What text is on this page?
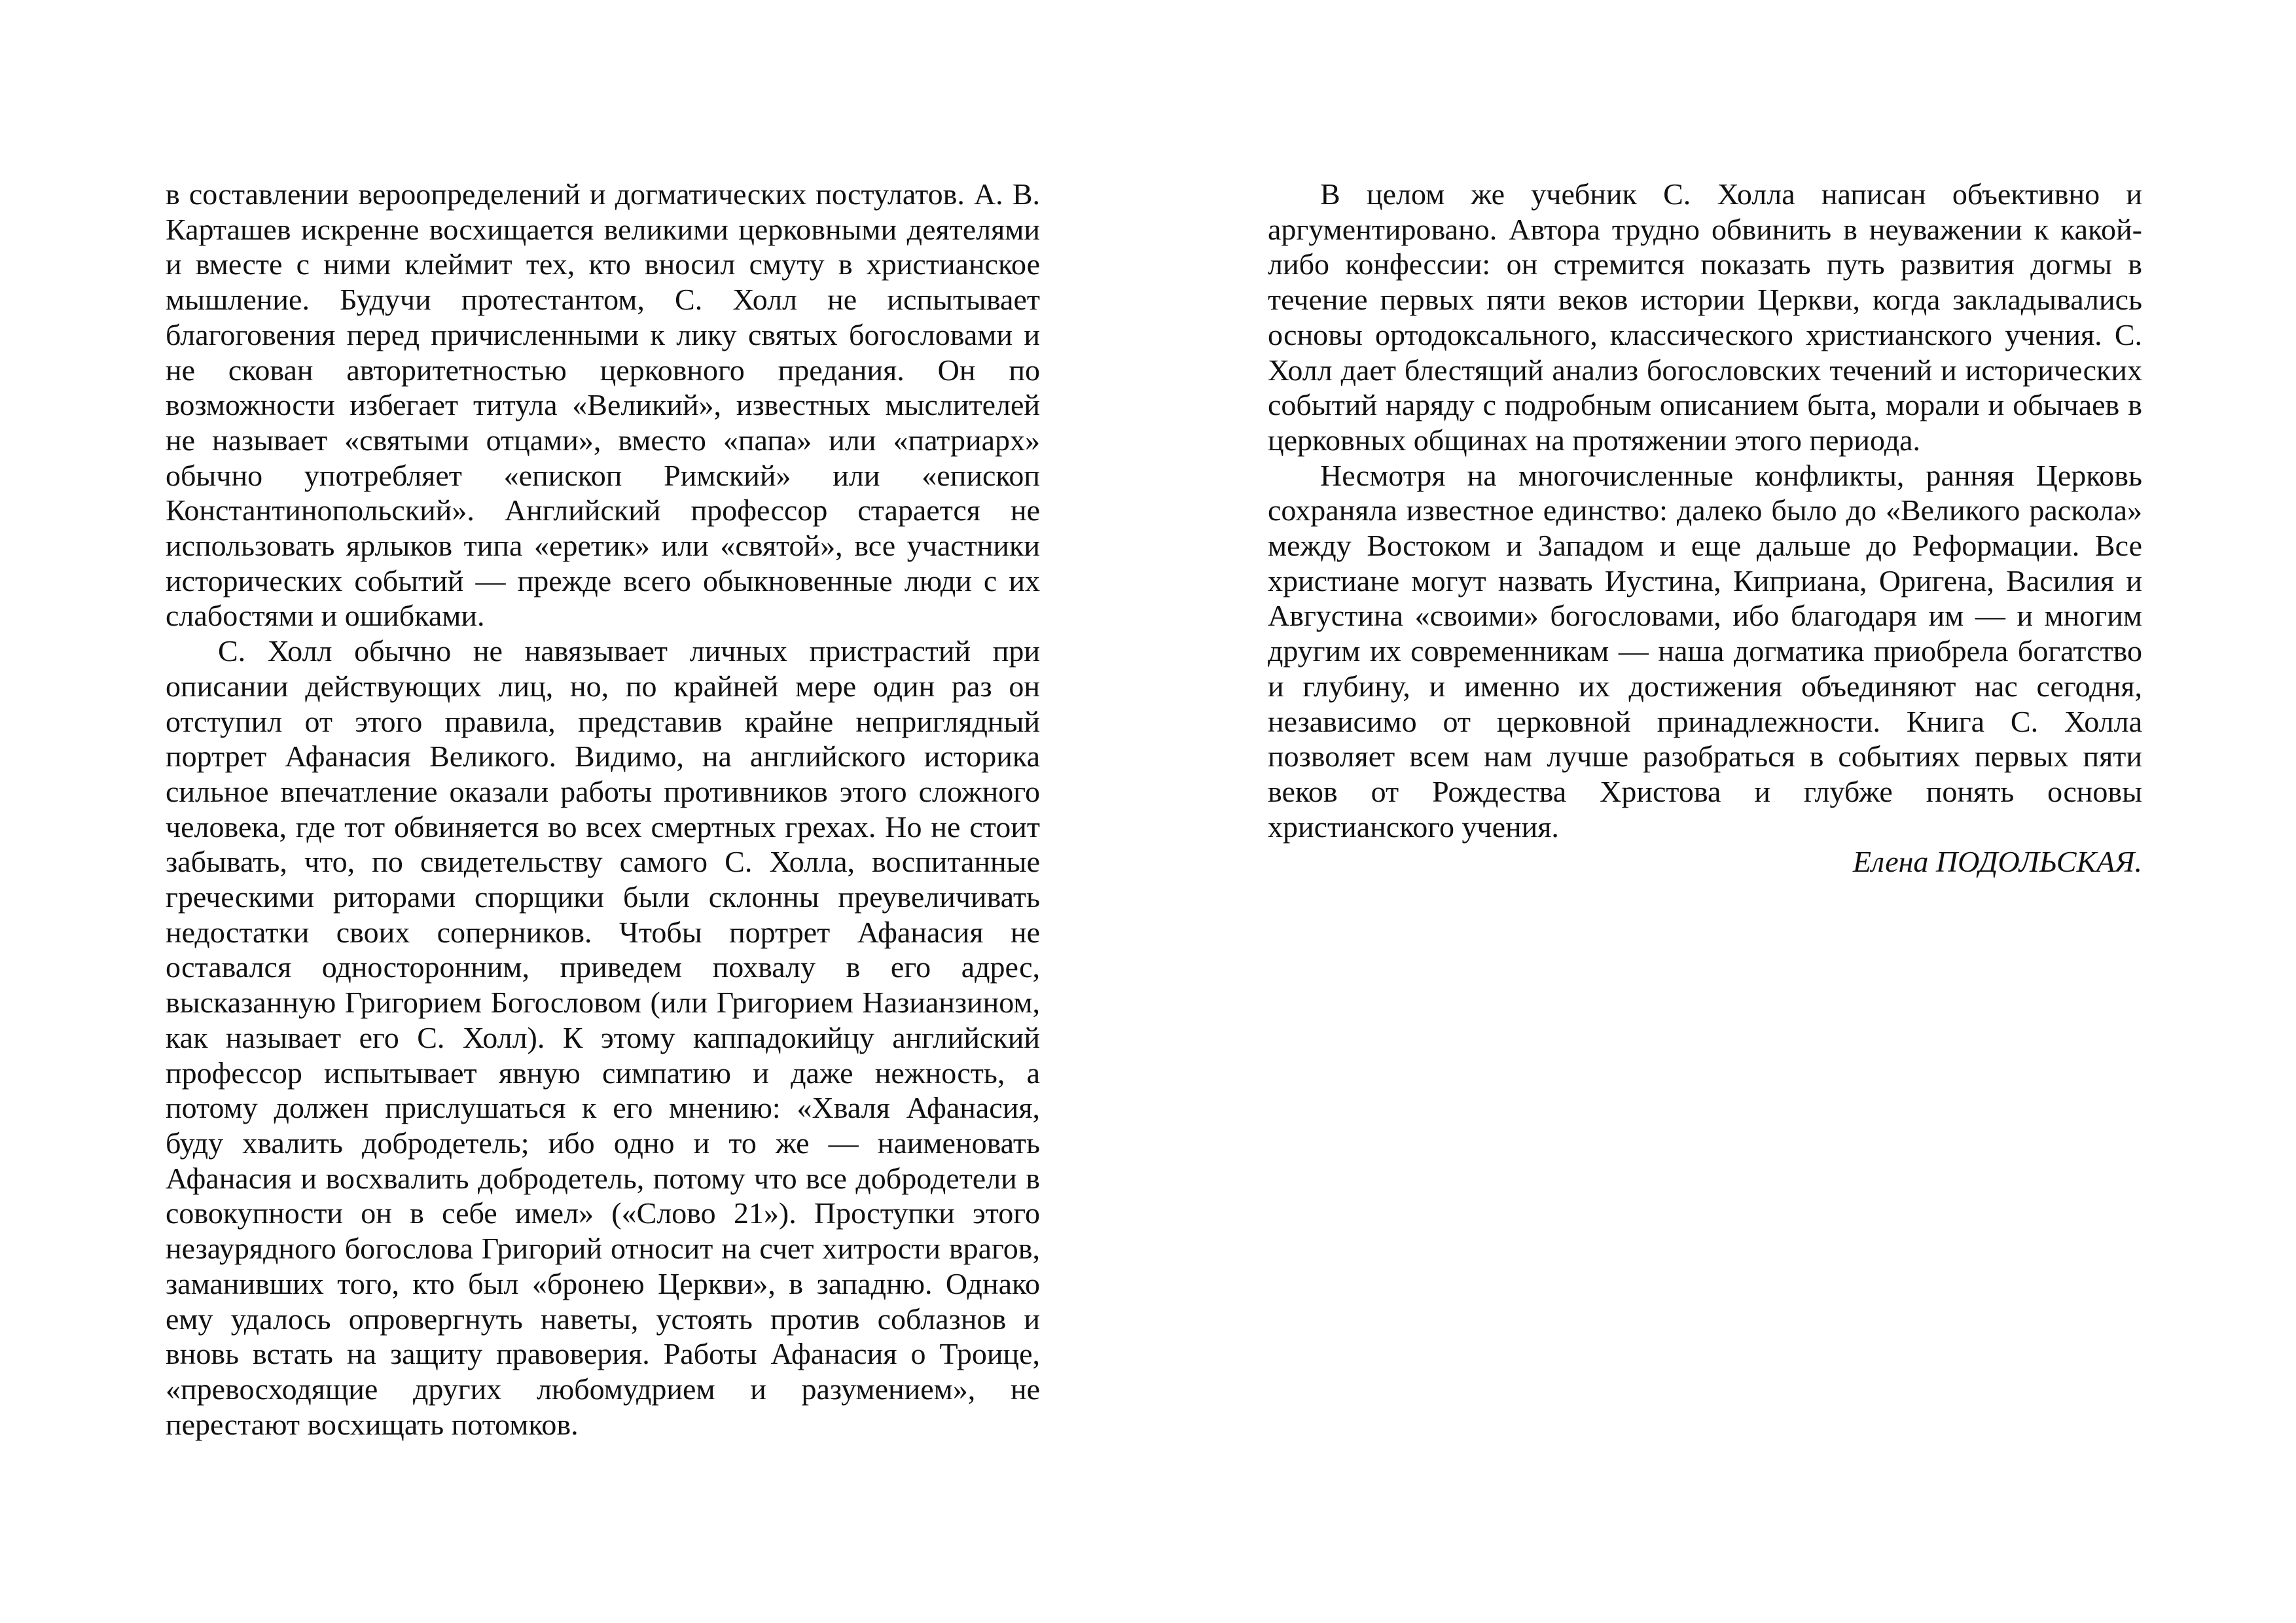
в составлении вероопределений и догматических постулатов. А. В. Карташев искренне восхищается великими церковными деятелями и вместе с ними клеймит тех, кто вносил смуту в христианское мышление. Будучи протестантом, С. Холл не испытывает благоговения перед причисленными к лику святых богословами и не скован авторитетностью церковного предания. Он по возможности избегает титула «Великий», известных мыслителей не называет «святыми отцами», вместо «папа» или «патриарх» обычно употребляет «епископ Римский» или «епископ Константинопольский». Английский профессор старается не использовать ярлыков типа «еретик» или «святой», все участники исторических событий — прежде всего обыкновенные люди с их слабостями и ошибками.

С. Холл обычно не навязывает личных пристрастий при описании действующих лиц, но, по крайней мере один раз он отступил от этого правила, представив крайне неприглядный портрет Афанасия Великого. Видимо, на английского историка сильное впечатление оказали работы противников этого сложного человека, где тот обвиняется во всех смертных грехах. Но не стоит забывать, что, по свидетельству самого С. Холла, воспитанные греческими риторами спорщики были склонны преувеличивать недостатки своих соперников. Чтобы портрет Афанасия не оставался односторонним, приведем похвалу в его адрес, высказанную Григорием Богословом (или Григорием Назианзином, как называет его С. Холл). К этому каппадокийцу английский профессор испытывает явную симпатию и даже нежность, а потому должен прислушаться к его мнению: «Хваля Афанасия, буду хвалить добродетель; ибо одно и то же — наименовать Афанасия и восхвалить добродетель, потому что все добродетели в совокупности он в себе имел» («Слово 21»). Проступки этого незаурядного богослова Григорий относит на счет хитрости врагов, заманивших того, кто был «бронею Церкви», в западню. Однако ему удалось опровергнуть наветы, устоять против соблазнов и вновь встать на защиту правоверия. Работы Афанасия о Троице, «превосходящие других любомудрием и разумением», не перестают восхищать потомков.

В целом же учебник С. Холла написан объективно и аргументировано. Автора трудно обвинить в неуважении к какой-либо конфессии: он стремится показать путь развития догмы в течение первых пяти веков истории Церкви, когда закладывались основы ортодоксального, классического христианского учения. С. Холл дает блестящий анализ богословских течений и исторических событий наряду с подробным описанием быта, морали и обычаев в церковных общинах на протяжении этого периода.

Несмотря на многочисленные конфликты, ранняя Церковь сохраняла известное единство: далеко было до «Великого раскола» между Востоком и Западом и еще дальше до Реформации. Все христиане могут назвать Иустина, Киприана, Оригена, Василия и Августина «своими» богословами, ибо благодаря им — и многим другим их современникам — наша догматика приобрела богатство и глубину, и именно их достижения объединяют нас сегодня, независимо от церковной принадлежности. Книга С. Холла позволяет всем нам лучше разобраться в событиях первых пяти веков от Рождества Христова и глубже понять основы христианского учения.

Елена ПОДОЛЬСКАЯ.
